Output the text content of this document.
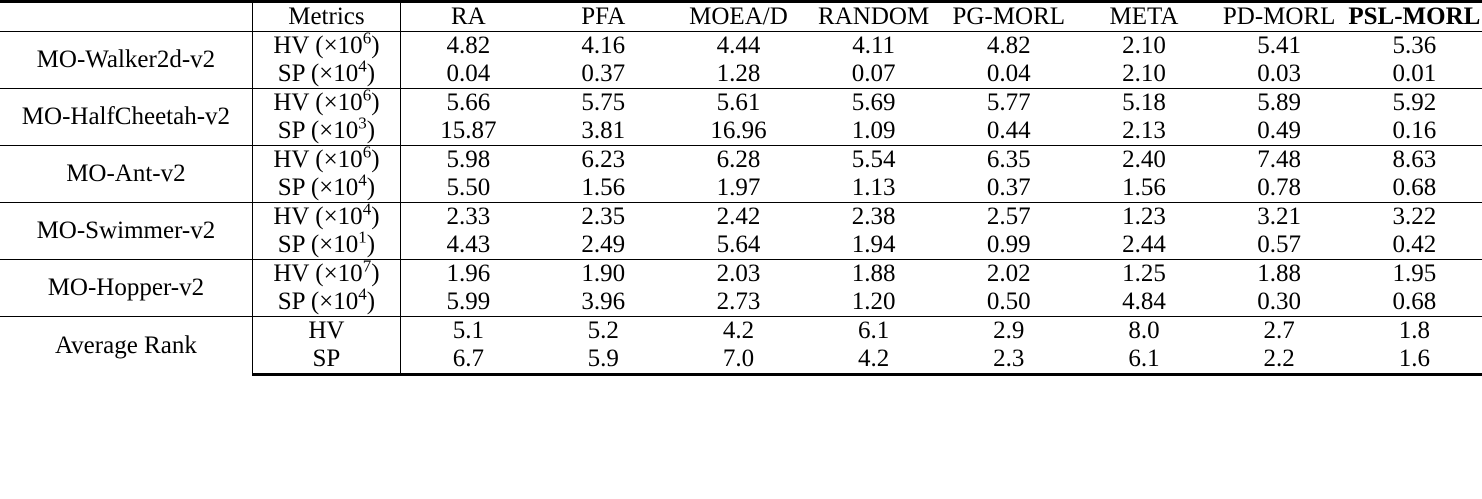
	Metrics	RA	PFA	MOEA/D	RANDOM	PG-MORL	META	PD-MORL	PSL-MORL
MO-Walker2d-v2	HV $(\times 10^6)$	4.82	4.16	4.44	4.11	4.82	2.10	5.41	5.36
	SP $(\times 10^4)$	0.04	0.37	1.28	0.07	0.04	2.10	0.03	0.01
MO-HalfCheetah-v2	HV $(\times 10^6)$	5.66	5.75	5.61	5.69	5.77	5.18	5.89	5.92
	SP $(\times 10^3)$	15.87	3.81	16.96	1.09	0.44	2.13	0.49	0.16
MO-Ant-v2	HV $(\times 10^6)$	5.98	6.23	6.28	5.54	6.35	2.40	7.48	8.63
	SP $(\times 10^4)$	5.50	1.56	1.97	1.13	0.37	1.56	0.78	0.68
MO-Swimmer-v2	HV $(\times 10^4)$	2.33	2.35	2.42	2.38	2.57	1.23	3.21	3.22
	SP $(\times 10^1)$	4.43	2.49	5.64	1.94	0.99	2.44	0.57	0.42
MO-Hopper-v2	HV $(\times 10^7)$	1.96	1.90	2.03	1.88	2.02	1.25	1.88	1.95
	SP $(\times 10^4)$	5.99	3.96	2.73	1.20	0.50	4.84	0.30	0.68
Average Rank	HV	5.1	5.2	4.2	6.1	2.9	8.0	2.7	1.8
	SP	6.7	5.9	7.0	4.2	2.3	6.1	2.2	1.6
